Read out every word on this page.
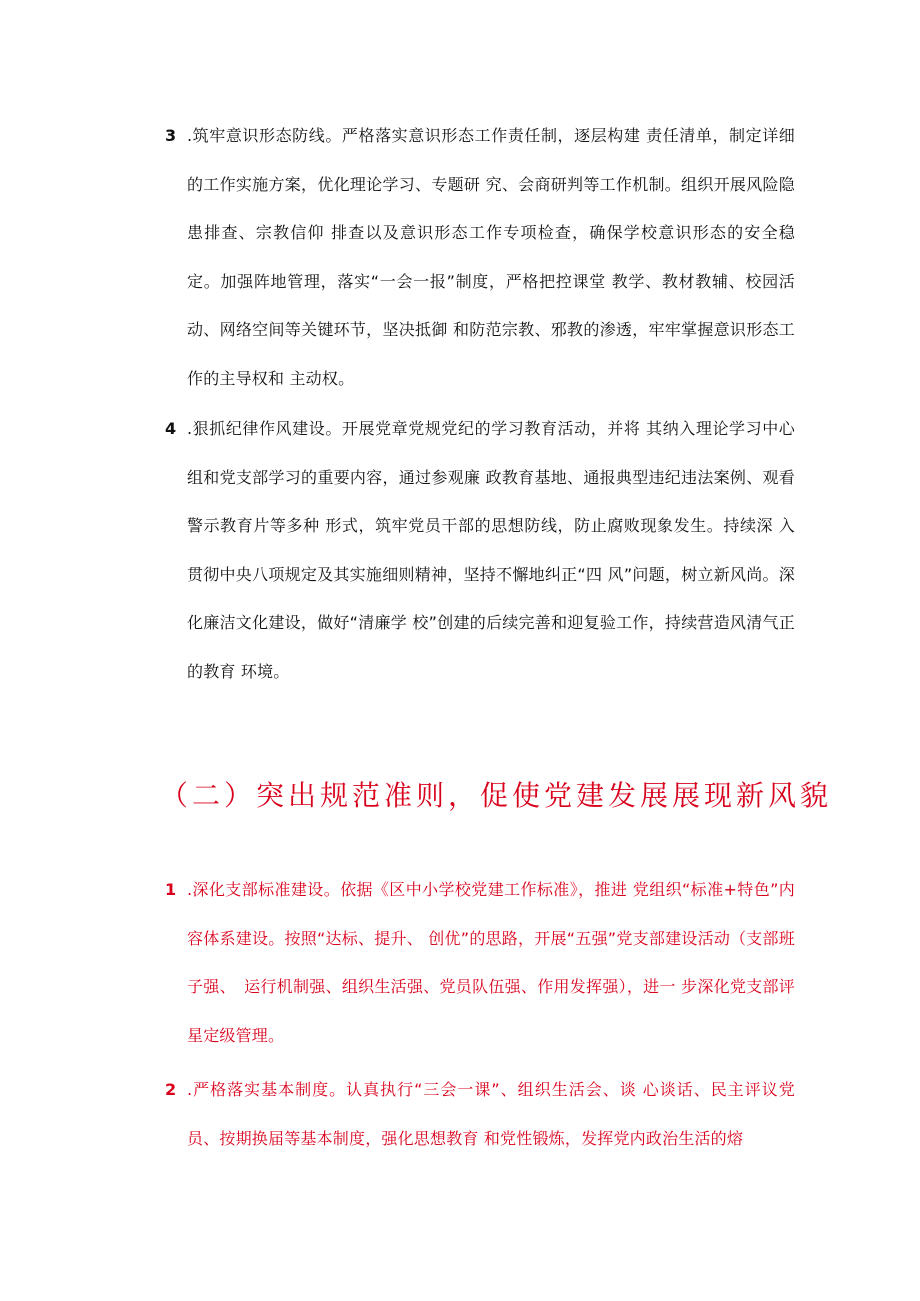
3 .筑牢意识形态防线。严格落实意识形态工作责任制，逐层构建 责任清单，制定详细的工作实施方案，优化理论学习、专题研 究、会商研判等工作机制。组织开展风险隐患排查、宗教信仰 排查以及意识形态工作专项检查，确保学校意识形态的安全稳 定。加强阵地管理，落实“一会一报”制度，严格把控课堂 教学、教材教辅、校园活动、网络空间等关键环节，坚决抵御 和防范宗教、邪教的渗透，牢牢掌握意识形态工作的主导权和 主动权。
4 .狠抓纪律作风建设。开展党章党规党纪的学习教育活动，并将 其纳入理论学习中心组和党支部学习的重要内容，通过参观廉 政教育基地、通报典型违纪违法案例、观看警示教育片等多种 形式，筑牢党员干部的思想防线，防止腐败现象发生。持续深 入贯彻中央八项规定及其实施细则精神，坚持不懈地纠正“四 风”问题，树立新风尚。深化廉洁文化建设，做好“清廉学 校”创建的后续完善和迎复验工作，持续营造风清气正的教育 环境。
（二）突出规范准则，促使党建发展展现新风貌
1 .深化支部标准建设。依据《区中小学校党建工作标准》，推进 党组织“标准+特色”内容体系建设。按照“达标、提升、 创优”的思路，开展“五强”党支部建设活动（支部班子强、　运行机制强、组织生活强、党员队伍强、作用发挥强），进一 步深化党支部评星定级管理。
2 .严格落实基本制度。认真执行“三会一课”、组织生活会、谈 心谈话、民主评议党员、按期换届等基本制度，强化思想教育 和党性锻炼，发挥党内政治生活的熔
